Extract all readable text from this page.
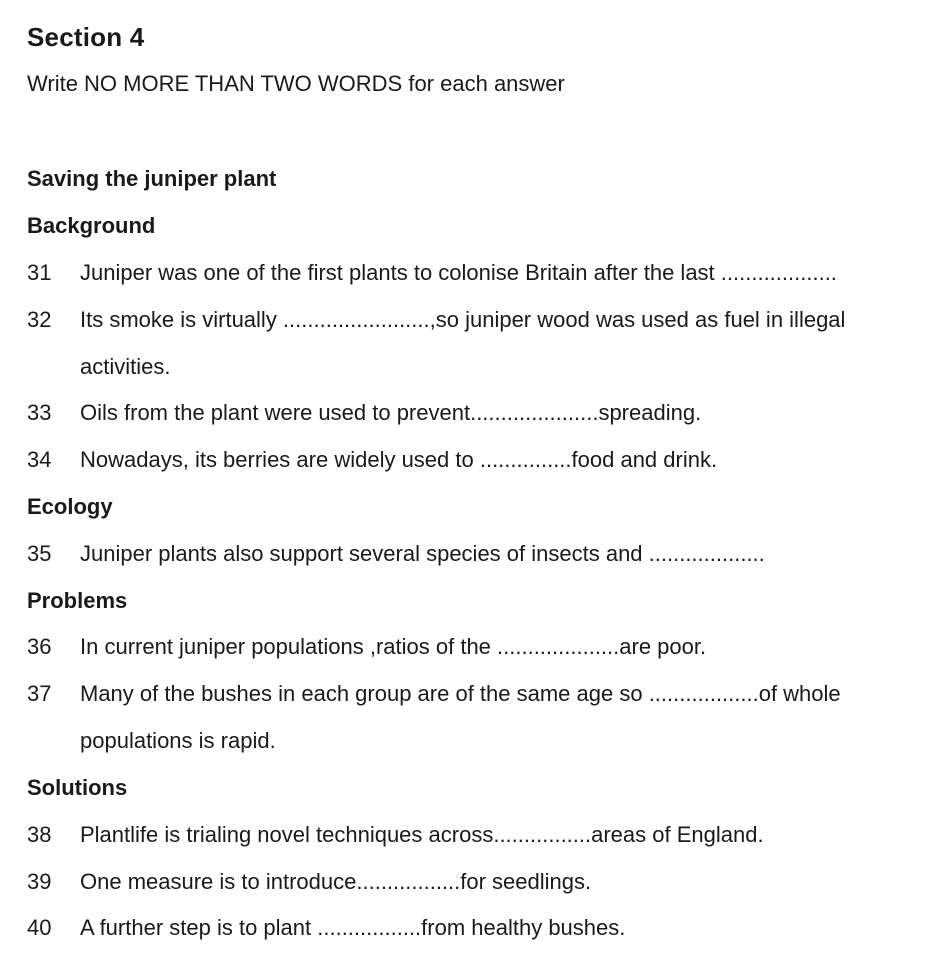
Section 4
Write NO MORE THAN TWO WORDS for each answer
Saving the juniper plant
Background
31 Juniper was one of the first plants to colonise Britain after the last ...................
32 Its smoke is virtually ........................,so juniper wood was used as fuel in illegal
activities.
33 Oils from the plant were used to prevent.....................spreading.
34 Nowadays, its berries are widely used to ...............food and drink.
Ecology
35 Juniper plants also support several species of insects and ...................
Problems
36 In current juniper populations ,ratios of the ....................are poor.
37 Many of the bushes in each group are of the same age so ..................of whole
populations is rapid.
Solutions
38 Plantlife is trialing novel techniques across................areas of England.
39 One measure is to introduce.................for seedlings.
40 A further step is to plant .................from healthy bushes.
